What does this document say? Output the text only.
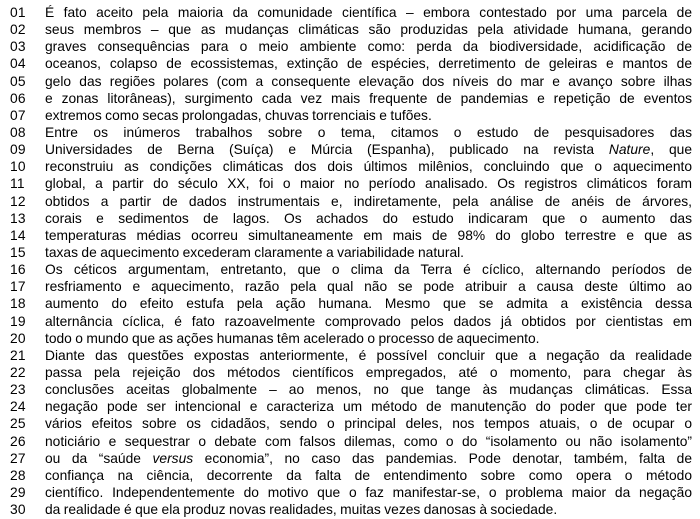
01	É fato aceito pela maioria da comunidade científica – embora contestado por uma parcela de
02	seus membros – que as mudanças climáticas são produzidas pela atividade humana, gerando
03	graves consequências para o meio ambiente como: perda da biodiversidade, acidificação de
04	oceanos, colapso de ecossistemas, extinção de espécies, derretimento de geleiras e mantos de
05	gelo das regiões polares (com a consequente elevação dos níveis do mar e avanço sobre ilhas
06	e zonas litorâneas), surgimento cada vez mais frequente de pandemias e repetição de eventos
07	extremos como secas prolongadas, chuvas torrenciais e tufões.
08	Entre os inúmeros trabalhos sobre o tema, citamos o estudo de pesquisadores das
09	Universidades de Berna (Suíça) e Múrcia (Espanha), publicado na revista Nature, que
10	reconstruiu as condições climáticas dos dois últimos milênios, concluindo que o aquecimento
11	global, a partir do século XX, foi o maior no período analisado. Os registros climáticos foram
12	obtidos a partir de dados instrumentais e, indiretamente, pela análise de anéis de árvores,
13	corais e sedimentos de lagos. Os achados do estudo indicaram que o aumento das
14	temperaturas médias ocorreu simultaneamente em mais de 98% do globo terrestre e que as
15	taxas de aquecimento excederam claramente a variabilidade natural.
16	Os céticos argumentam, entretanto, que o clima da Terra é cíclico, alternando períodos de
17	resfriamento e aquecimento, razão pela qual não se pode atribuir a causa deste último ao
18	aumento do efeito estufa pela ação humana. Mesmo que se admita a existência dessa
19	alternância cíclica, é fato razoavelmente comprovado pelos dados já obtidos por cientistas em
20	todo o mundo que as ações humanas têm acelerado o processo de aquecimento.
21	Diante das questões expostas anteriormente, é possível concluir que a negação da realidade
22	passa pela rejeição dos métodos científicos empregados, até o momento, para chegar às
23	conclusões aceitas globalmente – ao menos, no que tange às mudanças climáticas. Essa
24	negação pode ser intencional e caracteriza um método de manutenção do poder que pode ter
25	vários efeitos sobre os cidadãos, sendo o principal deles, nos tempos atuais, o de ocupar o
26	noticiário e sequestrar o debate com falsos dilemas, como o do “isolamento ou não isolamento”
27	ou da “saúde versus economia”, no caso das pandemias. Pode denotar, também, falta de
28	confiança na ciência, decorrente da falta de entendimento sobre como opera o método
29	científico. Independentemente do motivo que o faz manifestar-se, o problema maior da negação
30	da realidade é que ela produz novas realidades, muitas vezes danosas à sociedade.
